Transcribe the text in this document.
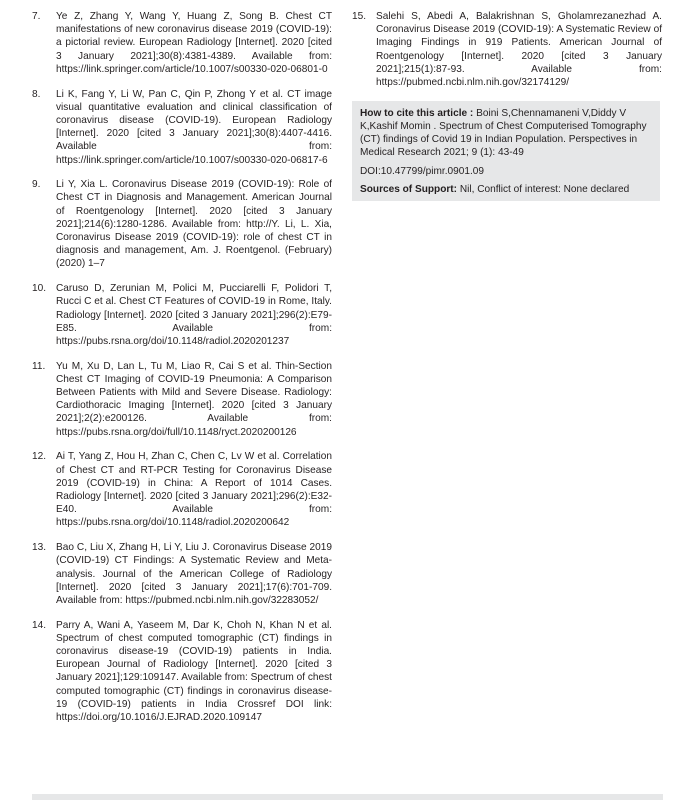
7. Ye Z, Zhang Y, Wang Y, Huang Z, Song B. Chest CT manifestations of new coronavirus disease 2019 (COVID-19): a pictorial review. European Radiology [Internet]. 2020 [cited 3 January 2021];30(8):4381-4389. Available from: https://link.springer.com/article/10.1007/s00330-020-06801-0
8. Li K, Fang Y, Li W, Pan C, Qin P, Zhong Y et al. CT image visual quantitative evaluation and clinical classification of coronavirus disease (COVID-19). European Radiology [Internet]. 2020 [cited 3 January 2021];30(8):4407-4416. Available from: https://link.springer.com/article/10.1007/s00330-020-06817-6
9. Li Y, Xia L. Coronavirus Disease 2019 (COVID-19): Role of Chest CT in Diagnosis and Management. American Journal of Roentgenology [Internet]. 2020 [cited 3 January 2021];214(6):1280-1286. Available from: http://Y. Li, L. Xia, Coronavirus Disease 2019 (COVID-19): role of chest CT in diagnosis and management, Am. J. Roentgenol. (February) (2020) 1–7
10. Caruso D, Zerunian M, Polici M, Pucciarelli F, Polidori T, Rucci C et al. Chest CT Features of COVID-19 in Rome, Italy. Radiology [Internet]. 2020 [cited 3 January 2021];296(2):E79-E85. Available from: https://pubs.rsna.org/doi/10.1148/radiol.2020201237
11. Yu M, Xu D, Lan L, Tu M, Liao R, Cai S et al. Thin-Section Chest CT Imaging of COVID-19 Pneumonia: A Comparison Between Patients with Mild and Severe Disease. Radiology: Cardiothoracic Imaging [Internet]. 2020 [cited 3 January 2021];2(2):e200126. Available from: https://pubs.rsna.org/doi/full/10.1148/ryct.2020200126
12. Ai T, Yang Z, Hou H, Zhan C, Chen C, Lv W et al. Correlation of Chest CT and RT-PCR Testing for Coronavirus Disease 2019 (COVID-19) in China: A Report of 1014 Cases. Radiology [Internet]. 2020 [cited 3 January 2021];296(2):E32-E40. Available from: https://pubs.rsna.org/doi/10.1148/radiol.2020200642
13. Bao C, Liu X, Zhang H, Li Y, Liu J. Coronavirus Disease 2019 (COVID-19) CT Findings: A Systematic Review and Meta-analysis. Journal of the American College of Radiology [Internet]. 2020 [cited 3 January 2021];17(6):701-709. Available from: https://pubmed.ncbi.nlm.nih.gov/32283052/
14. Parry A, Wani A, Yaseem M, Dar K, Choh N, Khan N et al. Spectrum of chest computed tomographic (CT) findings in coronavirus disease-19 (COVID-19) patients in India. European Journal of Radiology [Internet]. 2020 [cited 3 January 2021];129:109147. Available from: Spectrum of chest computed tomographic (CT) findings in coronavirus disease-19 (COVID-19) patients in India Crossref DOI link: https://doi.org/10.1016/J.EJRAD.2020.109147
15. Salehi S, Abedi A, Balakrishnan S, Gholamrezanezhad A. Coronavirus Disease 2019 (COVID-19): A Systematic Review of Imaging Findings in 919 Patients. American Journal of Roentgenology [Internet]. 2020 [cited 3 January 2021];215(1):87-93. Available from: https://pubmed.ncbi.nlm.nih.gov/32174129/

How to cite this article : Boini S,Chennamaneni V,Diddy V K,Kashif Momin . Spectrum of Chest Computerised Tomography (CT) findings of Covid 19 in Indian Population. Perspectives in Medical Research 2021; 9 (1): 43-49

DOI:10.47799/pimr.0901.09

Sources of Support: Nil, Conflict of interest: None declared
